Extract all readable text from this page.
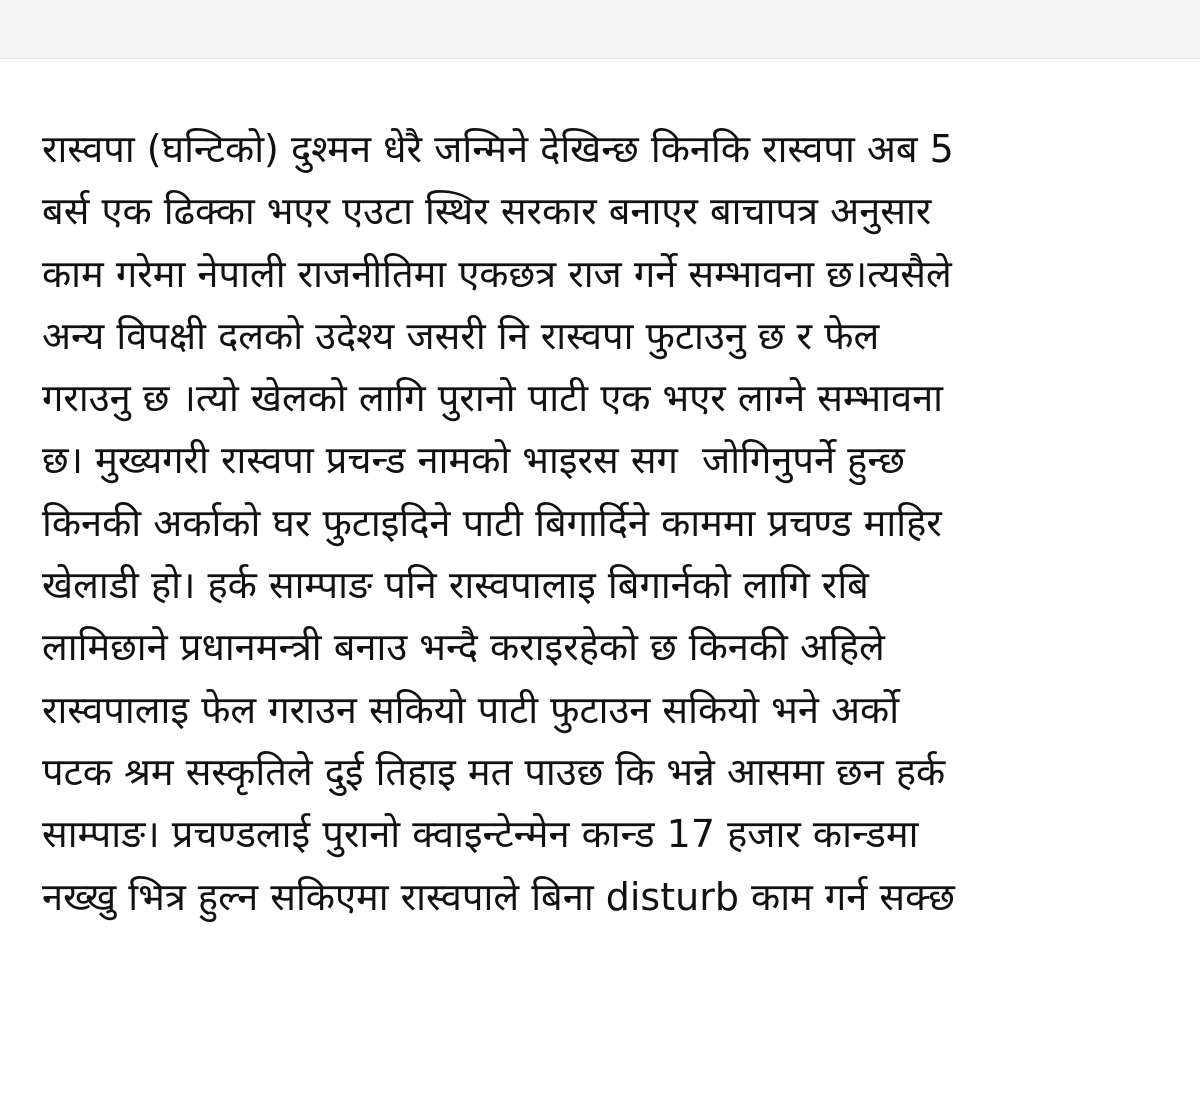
रास्वपा (घन्टिको) दुश्मन धेरै जन्मिने देखिन्छ किनकि रास्वपा अब 5
बर्स एक ढिक्का भएर एउटा स्थिर सरकार बनाएर बाचापत्र अनुसार
काम गरेमा नेपाली राजनीतिमा एकछत्र राज गर्ने सम्भावना छ।त्यसैले
अन्य विपक्षी दलको उदेश्य जसरी नि रास्वपा फुटाउनु छ र फेल
गराउनु छ ।त्यो खेलको लागि पुरानो पाटी एक भएर लाग्ने सम्भावना
छ। मुख्यगरी रास्वपा प्रचन्ड नामको भाइरस सग  जोगिनुपर्ने हुन्छ
किनकी अर्काको घर फुटाइदिने पाटी बिगार्दिने काममा प्रचण्ड माहिर
खेलाडी हो। हर्क साम्पाङ पनि रास्वपालाइ बिगार्नको लागि रबि
लामिछाने प्रधानमन्त्री बनाउ भन्दै कराइरहेको छ किनकी अहिले
रास्वपालाइ फेल गराउन सकियो पाटी फुटाउन सकियो भने अर्को
पटक श्रम सस्कृतिले दुई तिहाइ मत पाउछ कि भन्ने आसमा छन हर्क
साम्पाङ। प्रचण्डलाई पुरानो क्वाइन्टेन्मेन कान्ड 17 हजार कान्डमा
नख्खु भित्र हुल्न सकिएमा रास्वपाले बिना disturb काम गर्न सक्छ
